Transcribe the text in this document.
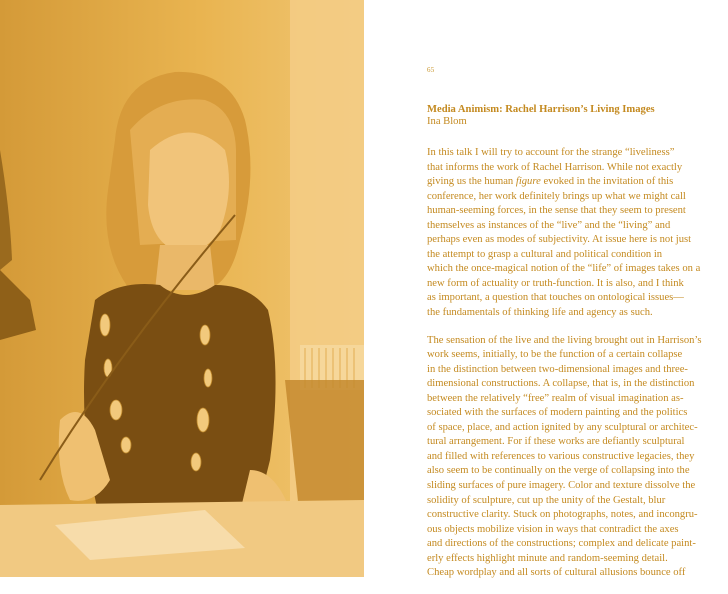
65
Media Animism: Rachel Harrison’s Living Images

Ina Blom

In this talk I will try to account for the strange “liveliness”
that informs the work of Rachel Harrison. While not exactly
giving us the human figure evoked in the invitation of this
conference, her work definitely brings up what we might call
human-seeming forces, in the sense that they seem to present
themselves as instances of the “live” and the “living” and
perhaps even as modes of subjectivity. At issue here is not just
the attempt to grasp a cultural and political condition in
which the once-magical notion of the “life” of images takes on a
new form of actuality or truth-function. It is also, and I think
as important, a question that touches on ontological issues—
the fundamentals of thinking life and agency as such.

The sensation of the live and the living brought out in Harrison’s
work seems, initially, to be the function of a certain collapse
in the distinction between two-dimensional images and three-
dimensional constructions. A collapse, that is, in the distinction
between the relatively “free” realm of visual imagination as-
sociated with the surfaces of modern painting and the politics
of space, place, and action ignited by any sculptural or architec-
tural arrangement. For if these works are defiantly sculptural
and filled with references to various constructive legacies, they
also seem to be continually on the verge of collapsing into the
sliding surfaces of pure imagery. Color and texture dissolve the
solidity of sculpture, cut up the unity of the Gestalt, blur
constructive clarity. Stuck on photographs, notes, and incongru-
ous objects mobilize vision in ways that contradict the axes
and directions of the constructions; complex and delicate paint-
erly effects highlight minute and random-seeming detail.
Cheap wordplay and all sorts of cultural allusions bounce off
